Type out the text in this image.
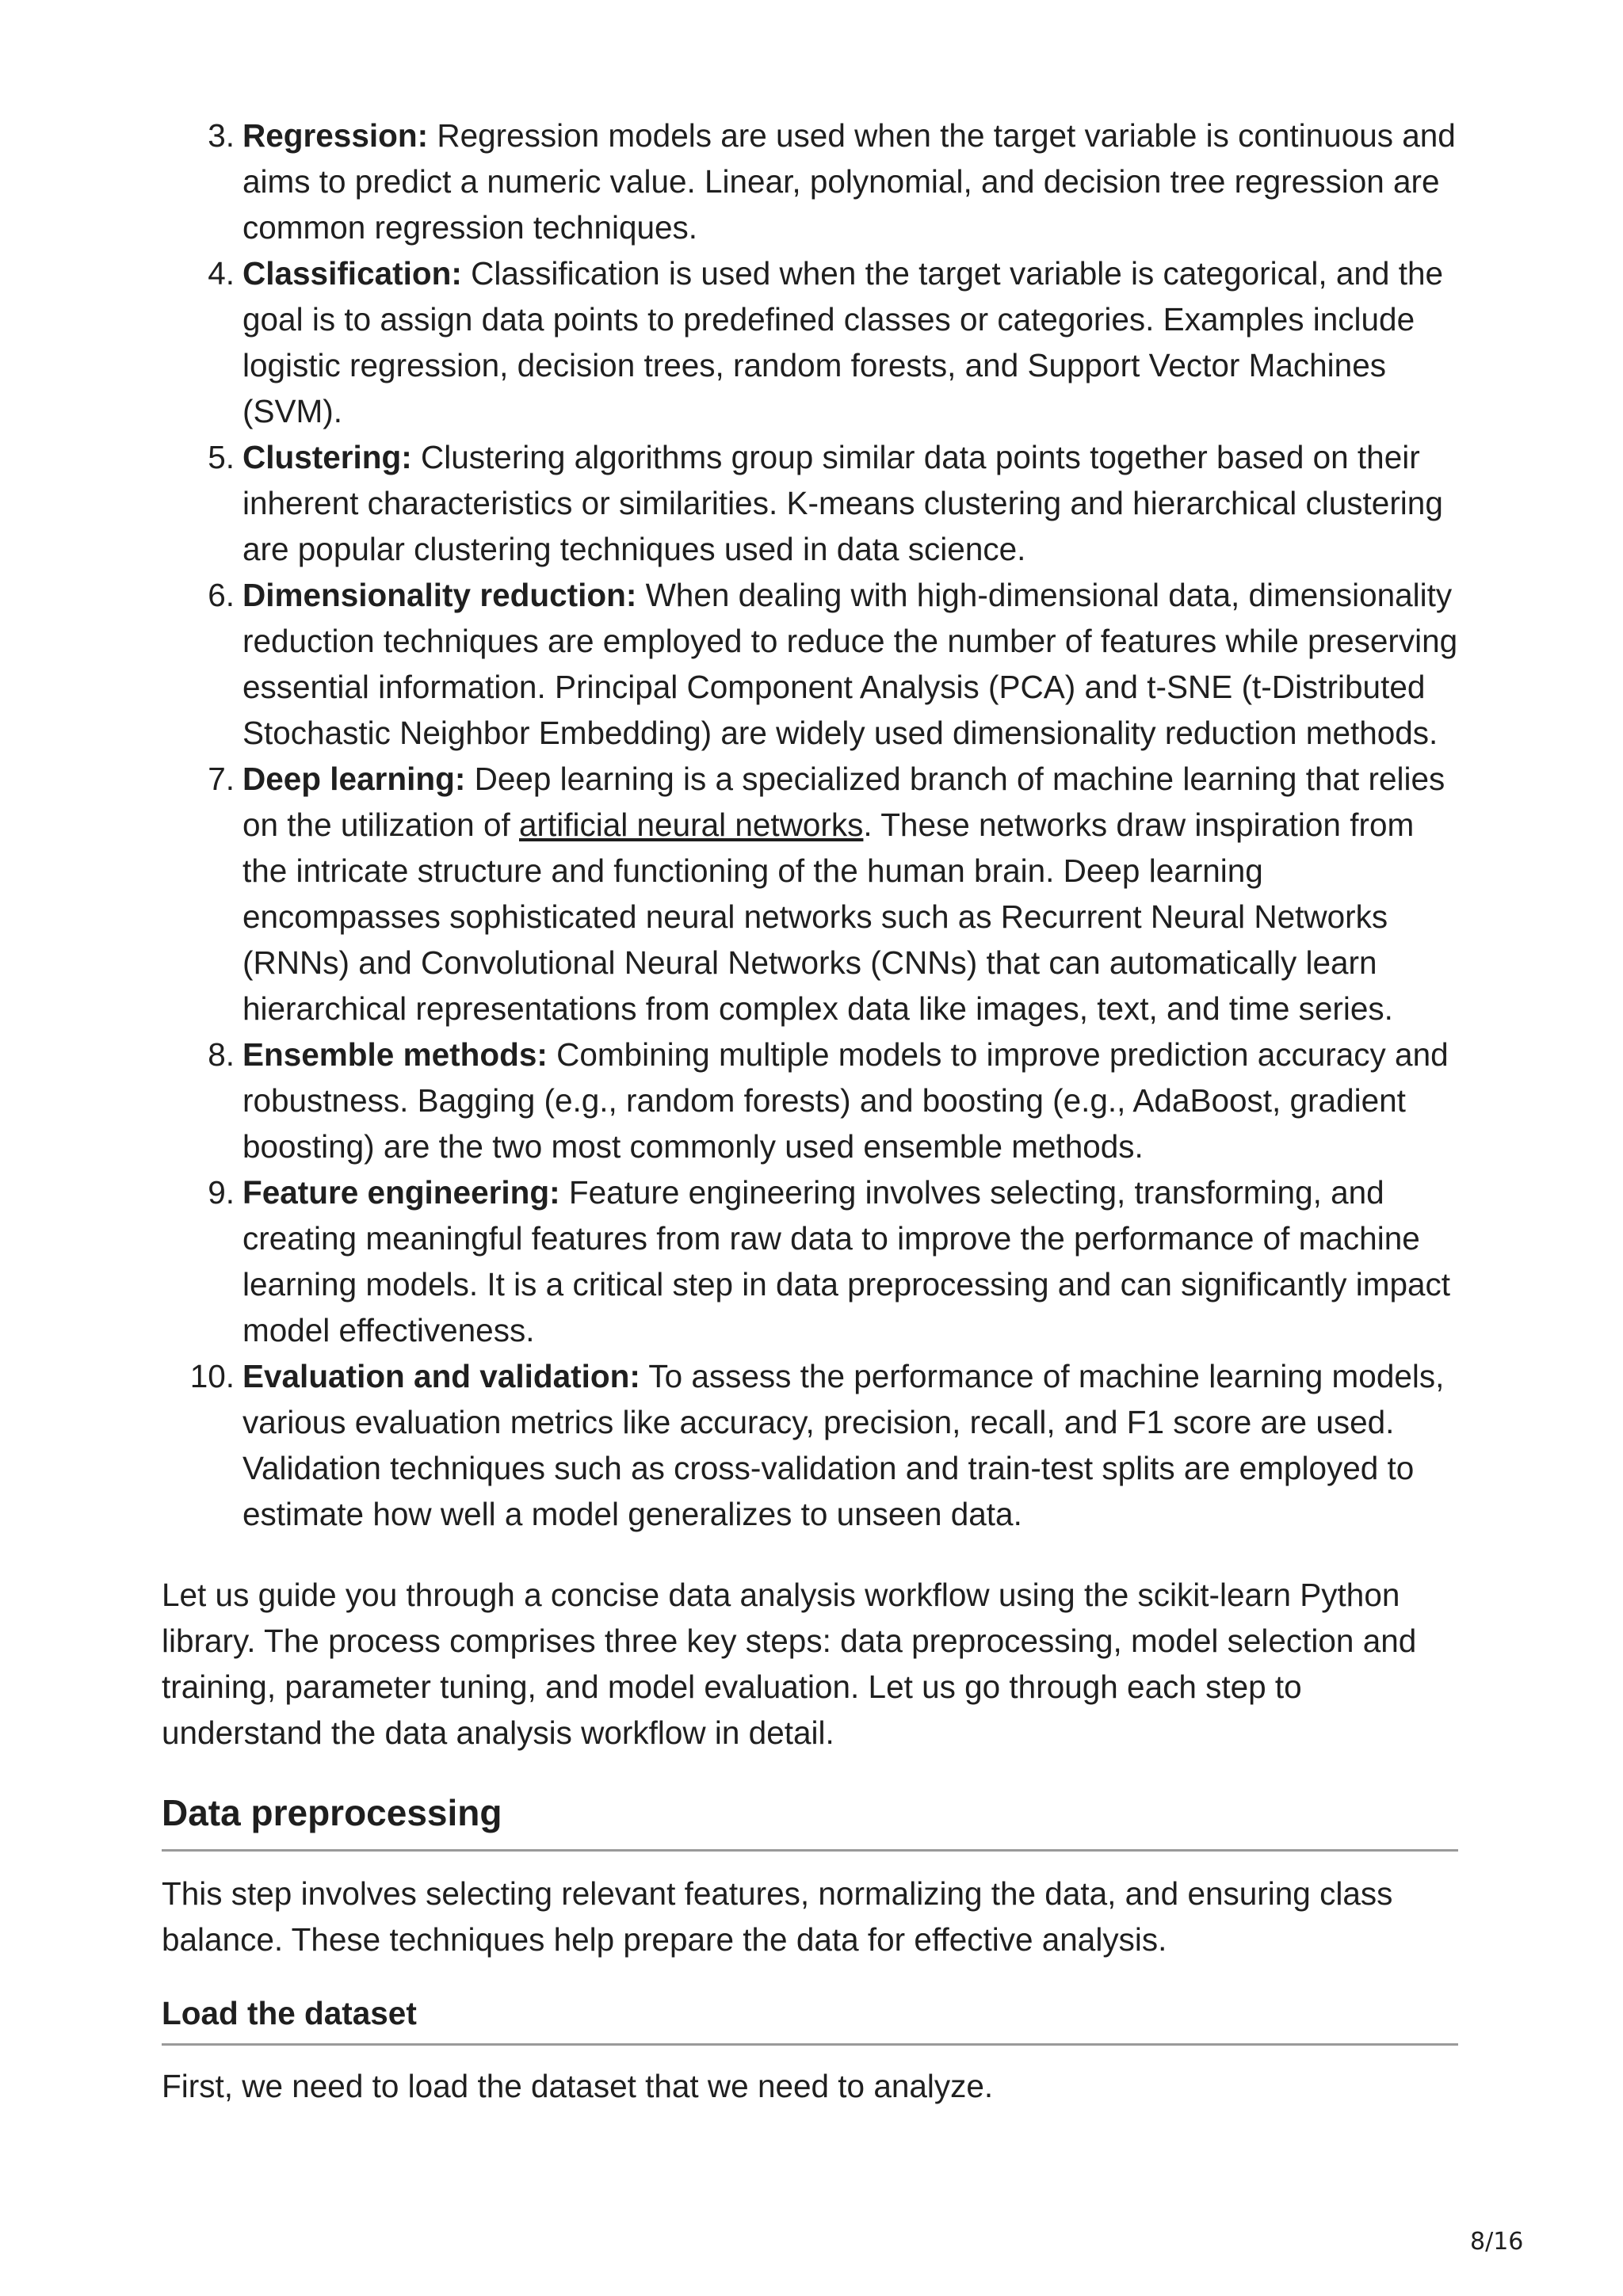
3. Regression: Regression models are used when the target variable is continuous and aims to predict a numeric value. Linear, polynomial, and decision tree regression are common regression techniques.
4. Classification: Classification is used when the target variable is categorical, and the goal is to assign data points to predefined classes or categories. Examples include logistic regression, decision trees, random forests, and Support Vector Machines (SVM).
5. Clustering: Clustering algorithms group similar data points together based on their inherent characteristics or similarities. K-means clustering and hierarchical clustering are popular clustering techniques used in data science.
6. Dimensionality reduction: When dealing with high-dimensional data, dimensionality reduction techniques are employed to reduce the number of features while preserving essential information. Principal Component Analysis (PCA) and t-SNE (t-Distributed Stochastic Neighbor Embedding) are widely used dimensionality reduction methods.
7. Deep learning: Deep learning is a specialized branch of machine learning that relies on the utilization of artificial neural networks. These networks draw inspiration from the intricate structure and functioning of the human brain. Deep learning encompasses sophisticated neural networks such as Recurrent Neural Networks (RNNs) and Convolutional Neural Networks (CNNs) that can automatically learn hierarchical representations from complex data like images, text, and time series.
8. Ensemble methods: Combining multiple models to improve prediction accuracy and robustness. Bagging (e.g., random forests) and boosting (e.g., AdaBoost, gradient boosting) are the two most commonly used ensemble methods.
9. Feature engineering: Feature engineering involves selecting, transforming, and creating meaningful features from raw data to improve the performance of machine learning models. It is a critical step in data preprocessing and can significantly impact model effectiveness.
10. Evaluation and validation: To assess the performance of machine learning models, various evaluation metrics like accuracy, precision, recall, and F1 score are used. Validation techniques such as cross-validation and train-test splits are employed to estimate how well a model generalizes to unseen data.

Let us guide you through a concise data analysis workflow using the scikit-learn Python library. The process comprises three key steps: data preprocessing, model selection and training, parameter tuning, and model evaluation. Let us go through each step to understand the data analysis workflow in detail.

Data preprocessing

This step involves selecting relevant features, normalizing the data, and ensuring class balance. These techniques help prepare the data for effective analysis.

Load the dataset

First, we need to load the dataset that we need to analyze.

8/16
